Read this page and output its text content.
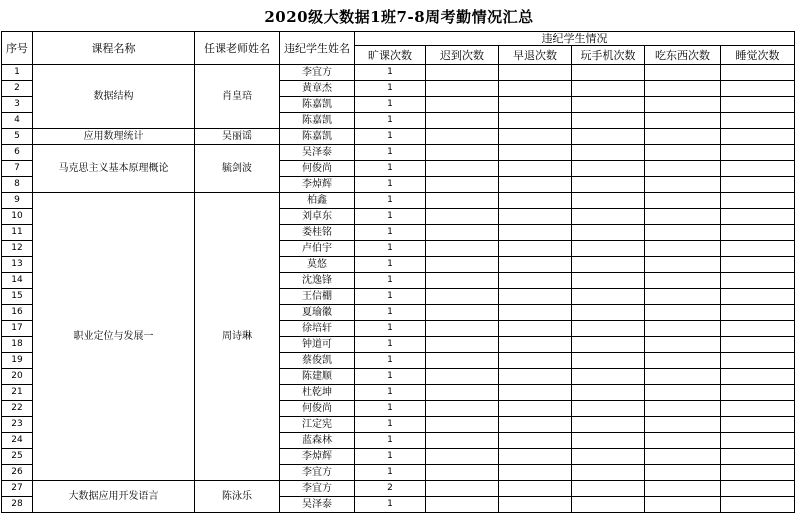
2020级大数据1班7-8周考勤情况汇总
序号	课程名称	任课老师姓名	违纪学生姓名	违纪学生情况					
				旷课次数	迟到次数	早退次数	玩手机次数	吃东西次数	睡觉次数
1	数据结构	肖皇琣	李宜方	1					
2			黄章杰	1					
3			陈嘉凯	1					
4			陈嘉凯	1					
5	应用数理统计	吴丽谣	陈嘉凯	1					
6	马克思主义基本原理概论	毓剑波	吴泽泰	1					
7			何俊尚	1					
8			李焯辉	1					
9	职业定位与发展一	周诗琳	柏鑫	1					
10			刘卓东	1					
11			娄桂铭	1					
12			卢伯宇	1					
13			莫悠	1					
14			沈逸锋	1					
15			王信棚	1					
16			夏瑜徽	1					
17			徐培轩	1					
18			钟道可	1					
19			蔡俊凯	1					
20			陈建顺	1					
21			杜乾坤	1					
22			何俊尚	1					
23			江定宪	1					
24			蓝森林	1					
25			李焯辉	1					
26			李宜方	1					
27	大数据应用开发语言	陈泳乐	李宜方	2					
28			吴泽泰	1					
